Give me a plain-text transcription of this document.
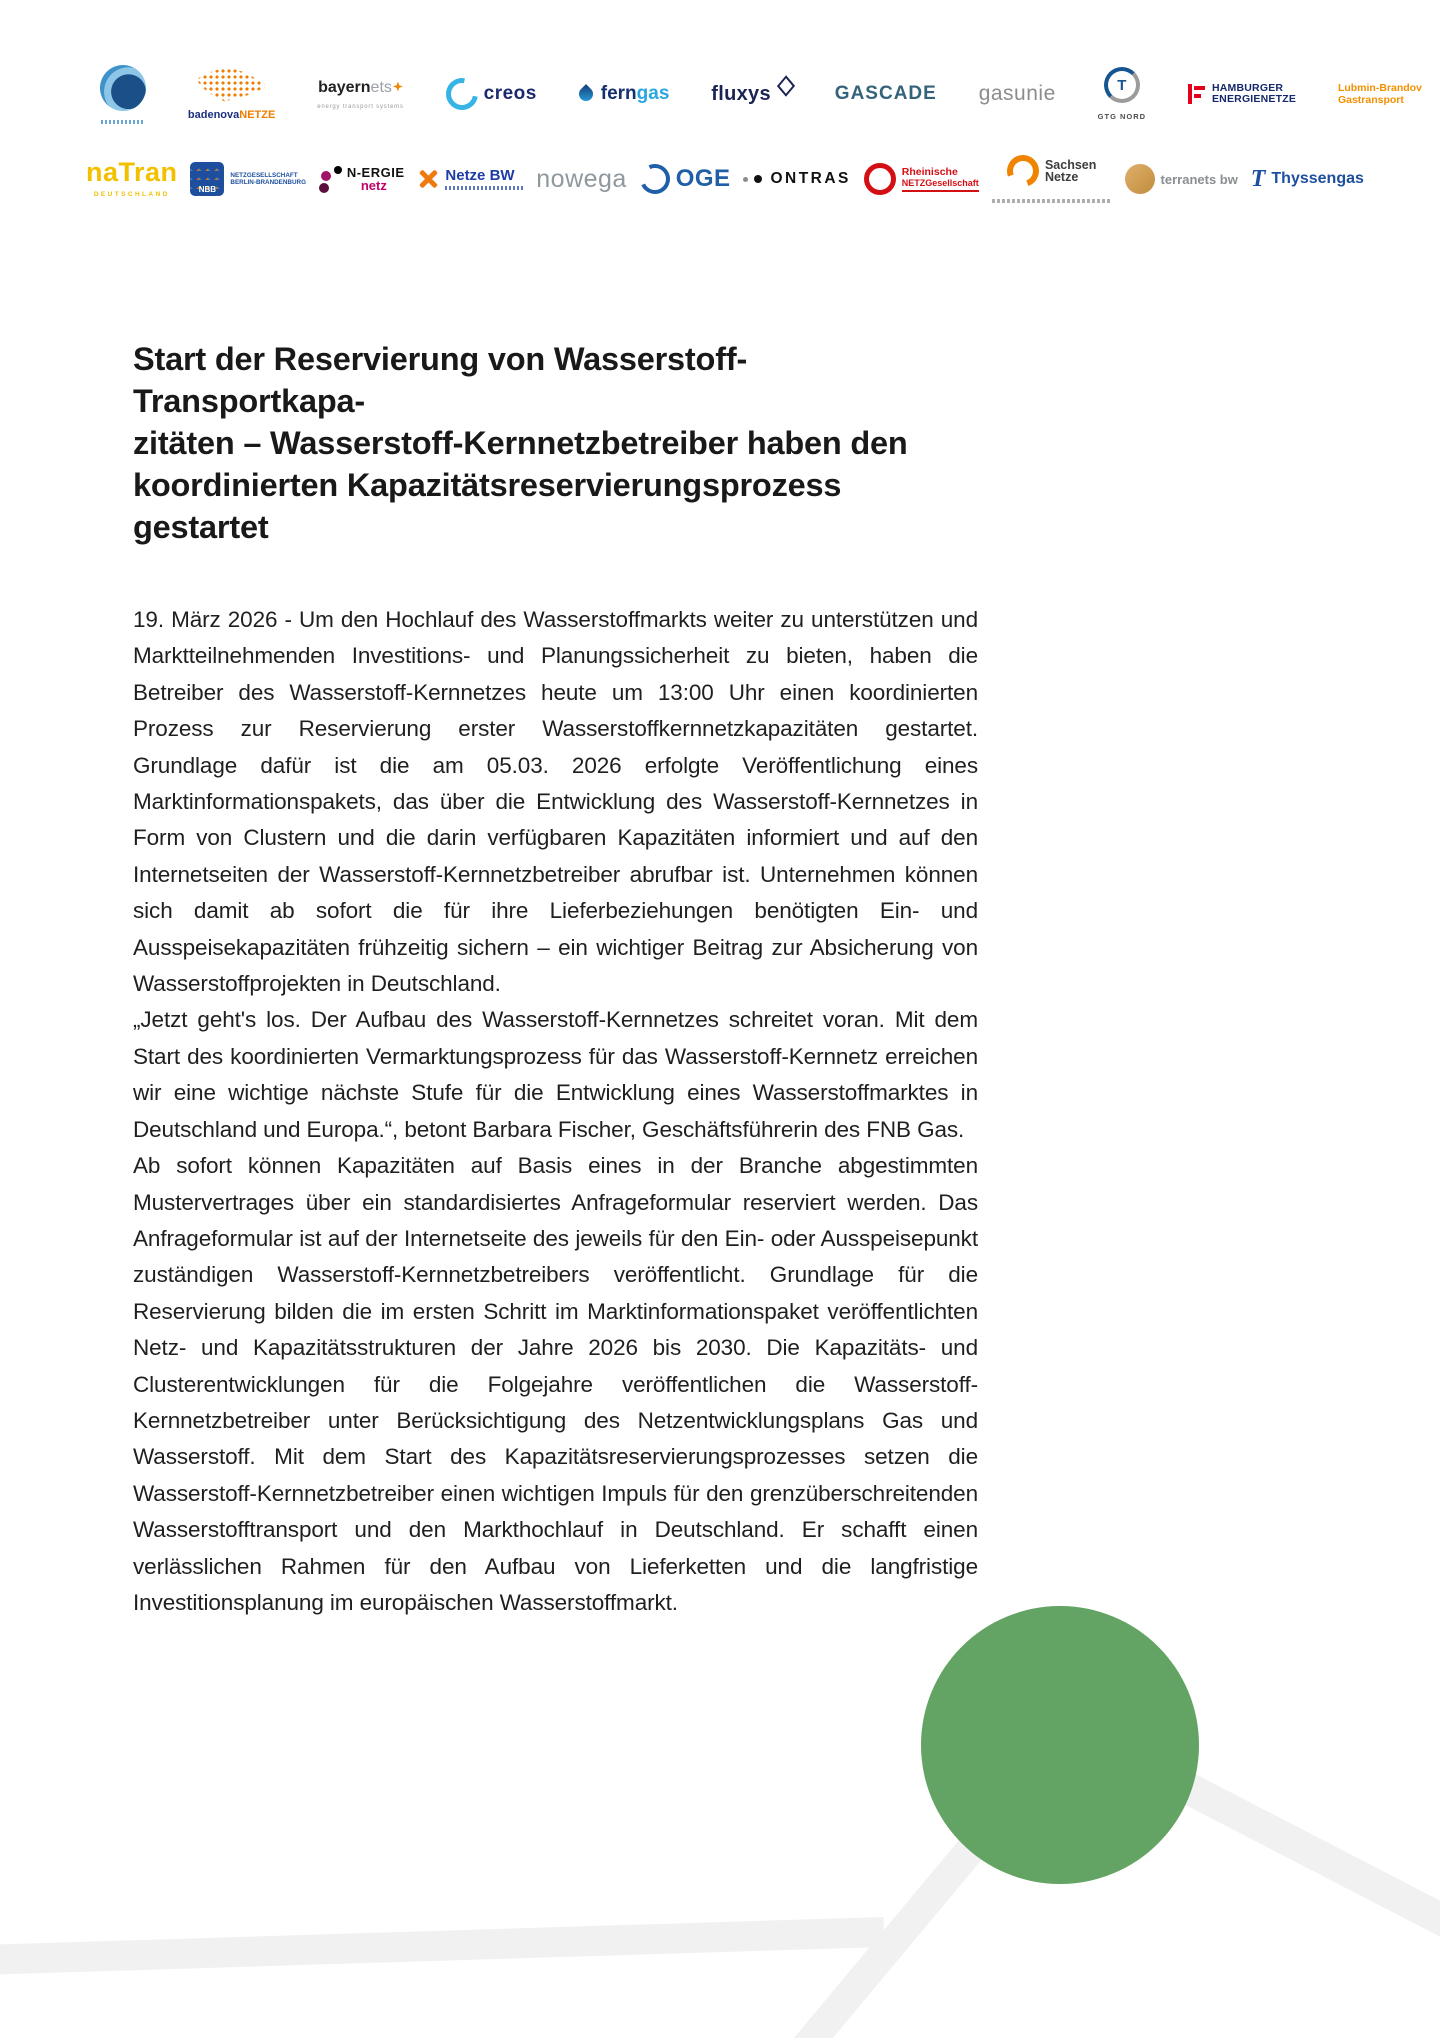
badenovaNETZE
bayernets
energy transport systems
creos	ferngas fluxys	GASCADE gasunie	T
GTG NORD
HAMBURGER
ENERGIENETZE
Lubmin-Brandov
Gastransport
naTran
DEUTSCHLAND
NBB
NETZGESELLSCHAFT
BERLIN-BRANDENBURG
N-ERGIE
netz
Netze BW nowega OGE	ONTRAS	Rheinische
NETZGesellschaft
Sachsen
Netze	terranets bw T Thyssengas
Start der Reservierung von Wasserstoff-Transportkapa-
zitäten – Wasserstoff-Kernnetzbetreiber haben den
koordinierten Kapazitätsreservierungsprozess gestartet

19. März 2026 - Um den Hochlauf des Wasserstoffmarkts weiter zu unterstützen und Marktteilnehmenden Investitions- und Planungssicherheit zu bieten, haben die Betreiber des Wasserstoff-Kernnetzes heute um 13:00 Uhr einen koordinierten Prozess zur Reservierung erster Wasserstoffkernnetzkapazitäten gestartet. Grundlage dafür ist die am 05.03. 2026 erfolgte Veröffentlichung eines Marktinformationspakets, das über die Entwicklung des Wasserstoff-Kernnetzes in Form von Clustern und die darin verfügbaren Kapazitäten informiert und auf den Internetseiten der Wasserstoff-Kernnetzbetreiber abrufbar ist. Unternehmen können sich damit ab sofort die für ihre Lieferbeziehungen benötigten Ein- und Ausspeisekapazitäten frühzeitig sichern – ein wichtiger Beitrag zur Absicherung von Wasserstoffprojekten in Deutschland.

„Jetzt geht's los. Der Aufbau des Wasserstoff-Kernnetzes schreitet voran. Mit dem Start des koordinierten Vermarktungsprozess für das Wasserstoff-Kernnetz erreichen wir eine wichtige nächste Stufe für die Entwicklung eines Wasserstoffmarktes in Deutschland und Europa.“, betont Barbara Fischer, Geschäftsführerin des FNB Gas.

Ab sofort können Kapazitäten auf Basis eines in der Branche abgestimmten Mustervertrages über ein standardisiertes Anfrageformular reserviert werden. Das Anfrageformular ist auf der Internetseite des jeweils für den Ein- oder Ausspeisepunkt zuständigen Wasserstoff-Kernnetzbetreibers veröffentlicht. Grundlage für die Reservierung bilden die im ersten Schritt im Marktinformationspaket veröffentlichten Netz- und Kapazitätsstrukturen der Jahre 2026 bis 2030. Die Kapazitäts- und Clusterentwicklungen für die Folgejahre veröffentlichen die Wasserstoff-Kernnetzbetreiber unter Berücksichtigung des Netzentwicklungsplans Gas und Wasserstoff. Mit dem Start des Kapazitätsreservierungsprozesses setzen die Wasserstoff-Kernnetzbetreiber einen wichtigen Impuls für den grenzüberschreitenden Wasserstofftransport und den Markthochlauf in Deutschland. Er schafft einen verlässlichen Rahmen für den Aufbau von Lieferketten und die langfristige Investitionsplanung im europäischen Wasserstoffmarkt.
